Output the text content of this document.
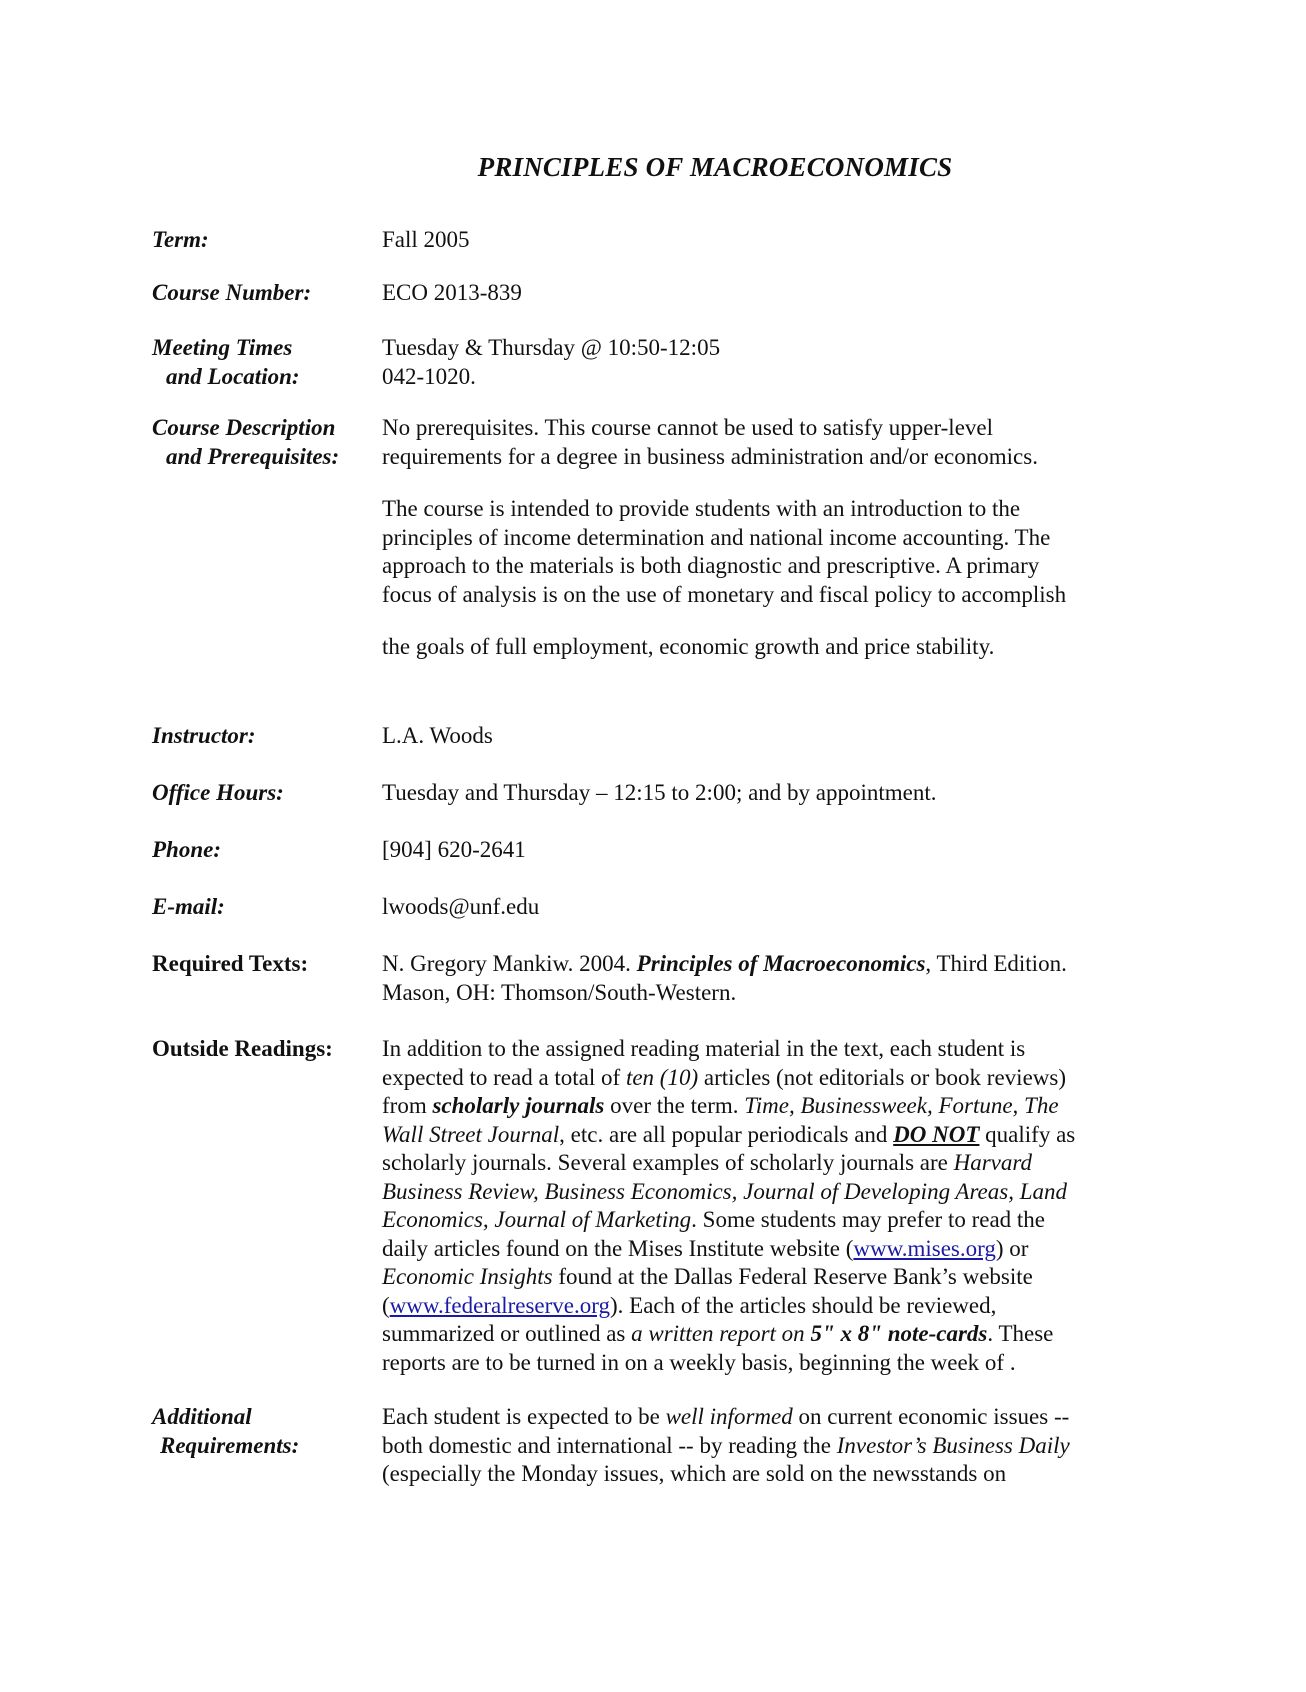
PRINCIPLES OF MACROECONOMICS
Term:	Fall 2005
Course Number:	ECO 2013-839
Meeting Times
and Location:
Tuesday & Thursday @ 10:50-12:05
042-1020.
Course Description
and Prerequisites:
No prerequisites. This course cannot be used to satisfy upper-level
requirements for a degree in business administration and/or economics.
The course is intended to provide students with an introduction to the
principles of income determination and national income accounting. The
approach to the materials is both diagnostic and prescriptive. A primary
focus of analysis is on the use of monetary and fiscal policy to accomplish
the goals of full employment, economic growth and price stability.
Instructor:	L.A. Woods
Office Hours:	Tuesday and Thursday – 12:15 to 2:00; and by appointment.
Phone:	[904] 620-2641
E-mail:	lwoods@unf.edu
Required Texts:	N. Gregory Mankiw. 2004. Principles of Macroeconomics, Third Edition.
Mason, OH: Thomson/South-Western.
Outside Readings:	In addition to the assigned reading material in the text, each student is
expected to read a total of ten (10) articles (not editorials or book reviews)
from scholarly journals over the term. Time, Businessweek, Fortune, The
Wall Street Journal, etc. are all popular periodicals and DO NOT qualify as
scholarly journals. Several examples of scholarly journals are Harvard
Business Review, Business Economics, Journal of Developing Areas, Land
Economics, Journal of Marketing. Some students may prefer to read the
daily articles found on the Mises Institute website (www.mises.org) or
Economic Insights found at the Dallas Federal Reserve Bank’s website
(www.federalreserve.org). Each of the articles should be reviewed,
summarized or outlined as a written report on 5" x 8" note-cards. These
reports are to be turned in on a weekly basis, beginning the week of .
Additional
Requirements:
Each student is expected to be well informed on current economic issues --
both domestic and international -- by reading the Investor’s Business Daily
(especially the Monday issues, which are sold on the newsstands on
